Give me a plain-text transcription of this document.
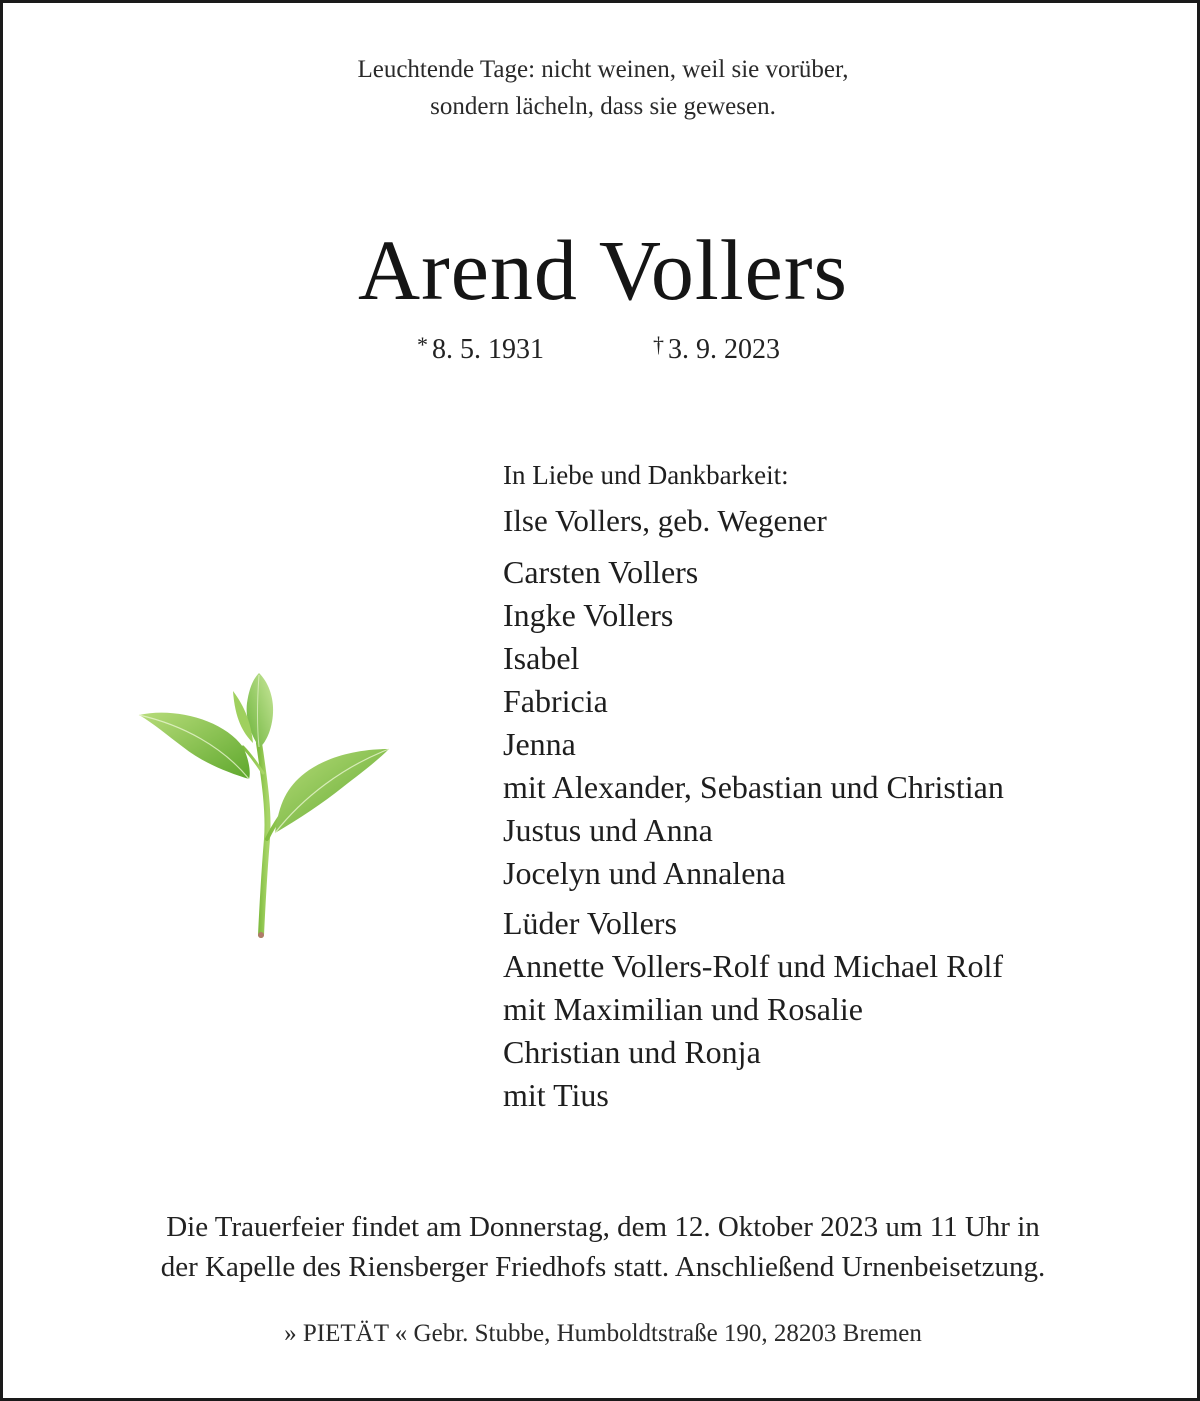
Leuchtende Tage: nicht weinen, weil sie vorüber,
sondern lächeln, dass sie gewesen.
Arend Vollers
* 8. 5. 1931	† 3. 9. 2023
In Liebe und Dankbarkeit:
Ilse Vollers, geb. Wegener
Carsten Vollers
Ingke Vollers
Isabel
Fabricia
Jenna
mit Alexander, Sebastian und Christian
Justus und Anna
Jocelyn und Annalena
Lüder Vollers
Annette Vollers-Rolf und Michael Rolf
mit Maximilian und Rosalie
Christian und Ronja
mit Tius
Die Trauerfeier findet am Donnerstag, dem 12. Oktober 2023 um 11 Uhr in
der Kapelle des Riensberger Friedhofs statt. Anschließend Urnenbeisetzung.
» PIETÄT « Gebr. Stubbe, Humboldtstraße 190, 28203 Bremen
